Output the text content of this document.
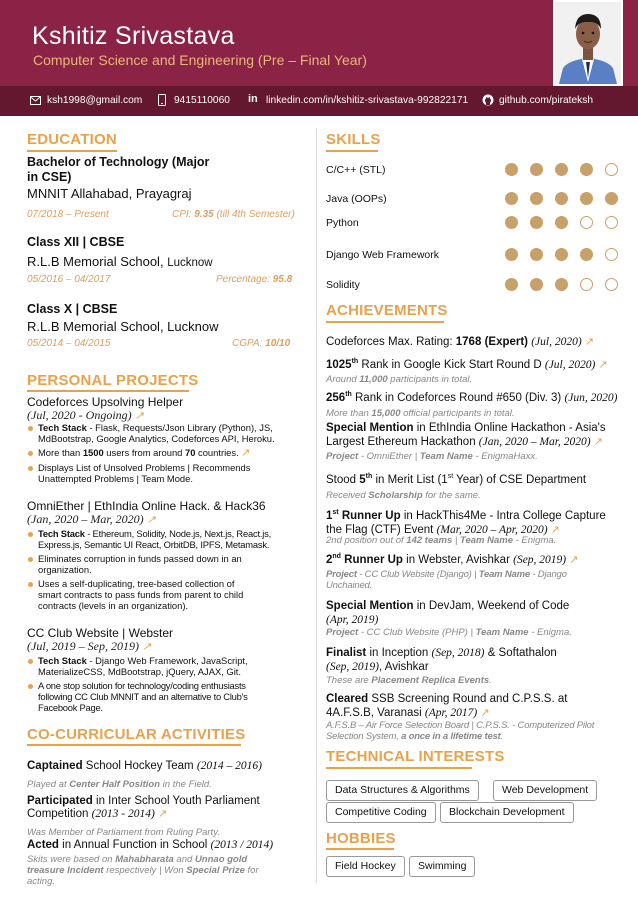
Kshitiz Srivastava
Computer Science and Engineering (Pre – Final Year)
ksh1998@gmail.com	9415110060 in linkedin.com/in/kshitiz-srivastava-992822171	github.com/pirateksh
EDUCATION
Bachelor of Technology (Major
in CSE)
MNNIT Allahabad, Prayagraj
07/2018 – Present	CPI: 9.35 (till 4th Semester)
Class XII | CBSE
R.L.B Memorial School, Lucknow
05/2016 – 04/2017	Percentage: 95.8
Class X | CBSE
R.L.B Memorial School, Lucknow
05/2014 – 04/2015	CGPA: 10/10
PERSONAL PROJECTS
Codeforces Upsolving Helper
(Jul, 2020 - Ongoing) ↗
Tech Stack - Flask, Requests/Json Library (Python), JS,
MdBootstrap, Google Analytics, Codeforces API, Heroku.
More than 1500 users from around 70 countries. ↗
Displays List of Unsolved Problems | Recommends
Unattempted Problems | Team Mode.
OmniEther | EthIndia Online Hack. & Hack36
(Jan, 2020 – Mar, 2020) ↗
Tech Stack - Ethereum, Solidity, Node.js, Next.js, React.js,
Express.js, Semantic UI React, OrbitDB, IPFS, Metamask.
Eliminates corruption in funds passed down in an
organization.
Uses a self-duplicating, tree-based collection of
smart contracts to pass funds from parent to child
contracts (levels in an organization).
CC Club Website | Webster
(Jul, 2019 – Sep, 2019) ↗
Tech Stack - Django Web Framework, JavaScript,
MaterializeCSS, MdBootstrap, jQuery, AJAX, Git.
A one stop solution for technology/coding enthusiasts
following CC Club MNNIT and an alternative to Club's
Facebook Page.
CO-CURRICULAR ACTIVITIES
Captained School Hockey Team (2014 – 2016)
Played at Center Half Position in the Field.
Participated in Inter School Youth Parliament
Competition (2013 - 2014) ↗
Was Member of Parliament from Ruling Party.
Acted in Annual Function in School (2013 / 2014)
Skits were based on Mahabharata and Unnao gold
treasure Incident respectively | Won Special Prize for
acting.
SKILLS
C/C++ (STL)
Java (OOPs)
Python
Django Web Framework
Solidity
ACHIEVEMENTS
Codeforces Max. Rating: 1768 (Expert) (Jul, 2020) ↗
1025th Rank in Google Kick Start Round D (Jul, 2020) ↗
Around 11,000 participants in total.
256th Rank in Codeforces Round #650 (Div. 3) (Jun, 2020)
More than 15,000 official participants in total.
Special Mention in EthIndia Online Hackathon - Asia's
Largest Ethereum Hackathon (Jan, 2020 – Mar, 2020) ↗
Project - OmniEther | Team Name - EnigmaHaxx.
Stood 5th in Merit List (1st Year) of CSE Department
Received Scholarship for the same.
1st Runner Up in HackThis4Me - Intra College Capture
the Flag (CTF) Event (Mar, 2020 – Apr, 2020) ↗
2nd position out of 142 teams | Team Name - Enigma.
2nd Runner Up in Webster, Avishkar (Sep, 2019) ↗
Project - CC Club Website (Django) | Team Name - Django
Unchained.
Special Mention in DevJam, Weekend of Code
(Apr, 2019)
Project - CC Club Website (PHP) | Team Name - Enigma.
Finalist in Inception (Sep, 2018) & Softathalon
(Sep, 2019), Avishkar
These are Placement Replica Events.
Cleared SSB Screening Round and C.P.S.S. at
4A.F.S.B, Varanasi (Apr, 2017) ↗
A.F.S.B – Air Force Selection Board | C.P.S.S. - Computerized Pilot
Selection System, a once in a lifetime test.
TECHNICAL INTERESTS
Data Structures & Algorithms	Web Development
Competitive Coding	Blockchain Development
HOBBIES
Field Hockey	Swimming
